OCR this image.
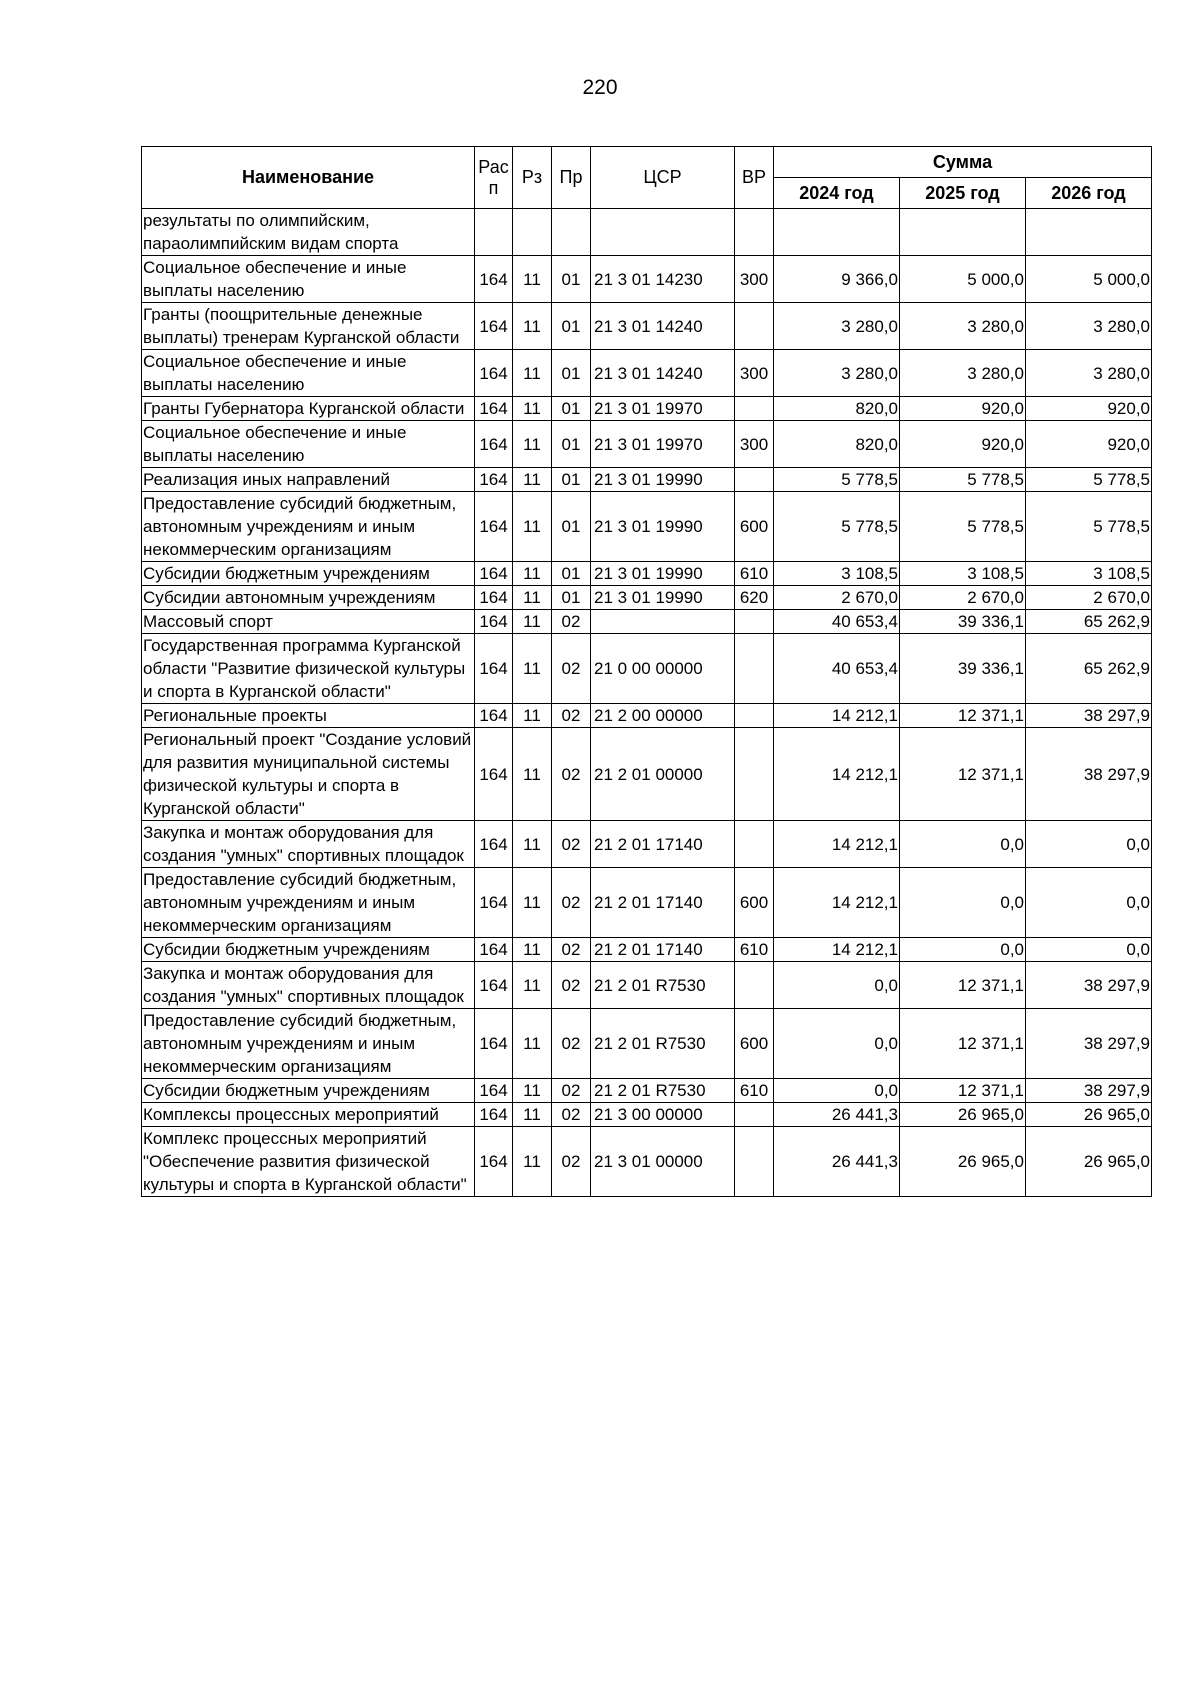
220
Наименование	Рас п	Рз	Пр	ЦСР	ВР	Сумма		
						2024 год	2025 год	2026 год
результаты по олимпийским, параолимпийским видам спорта								
Социальное обеспечение и иные выплаты населению	164	11	01	21 3 01 14230	300	9 366,0	5 000,0	5 000,0
Гранты (поощрительные денежные выплаты) тренерам Курганской области	164	11	01	21 3 01 14240		3 280,0	3 280,0	3 280,0
Социальное обеспечение и иные выплаты населению	164	11	01	21 3 01 14240	300	3 280,0	3 280,0	3 280,0
Гранты Губернатора Курганской области	164	11	01	21 3 01 19970		820,0	920,0	920,0
Социальное обеспечение и иные выплаты населению	164	11	01	21 3 01 19970	300	820,0	920,0	920,0
Реализация иных направлений	164	11	01	21 3 01 19990		5 778,5	5 778,5	5 778,5
Предоставление субсидий бюджетным, автономным учреждениям и иным некоммерческим организациям	164	11	01	21 3 01 19990	600	5 778,5	5 778,5	5 778,5
Субсидии бюджетным учреждениям	164	11	01	21 3 01 19990	610	3 108,5	3 108,5	3 108,5
Субсидии автономным учреждениям	164	11	01	21 3 01 19990	620	2 670,0	2 670,0	2 670,0
Массовый спорт	164	11	02			40 653,4	39 336,1	65 262,9
Государственная программа Курганской области "Развитие физической культуры и спорта в Курганской области"	164	11	02	21 0 00 00000		40 653,4	39 336,1	65 262,9
Региональные проекты	164	11	02	21 2 00 00000		14 212,1	12 371,1	38 297,9
Региональный проект "Создание условий для развития муниципальной системы физической культуры и спорта в Курганской области"	164	11	02	21 2 01 00000		14 212,1	12 371,1	38 297,9
Закупка и монтаж оборудования для создания "умных" спортивных площадок	164	11	02	21 2 01 17140		14 212,1	0,0	0,0
Предоставление субсидий бюджетным, автономным учреждениям и иным некоммерческим организациям	164	11	02	21 2 01 17140	600	14 212,1	0,0	0,0
Субсидии бюджетным учреждениям	164	11	02	21 2 01 17140	610	14 212,1	0,0	0,0
Закупка и монтаж оборудования для создания "умных" спортивных площадок	164	11	02	21 2 01 R7530		0,0	12 371,1	38 297,9
Предоставление субсидий бюджетным, автономным учреждениям и иным некоммерческим организациям	164	11	02	21 2 01 R7530	600	0,0	12 371,1	38 297,9
Субсидии бюджетным учреждениям	164	11	02	21 2 01 R7530	610	0,0	12 371,1	38 297,9
Комплексы процессных мероприятий	164	11	02	21 3 00 00000		26 441,3	26 965,0	26 965,0
Комплекс процессных мероприятий "Обеспечение развития физической культуры и спорта в Курганской области"	164	11	02	21 3 01 00000		26 441,3	26 965,0	26 965,0
